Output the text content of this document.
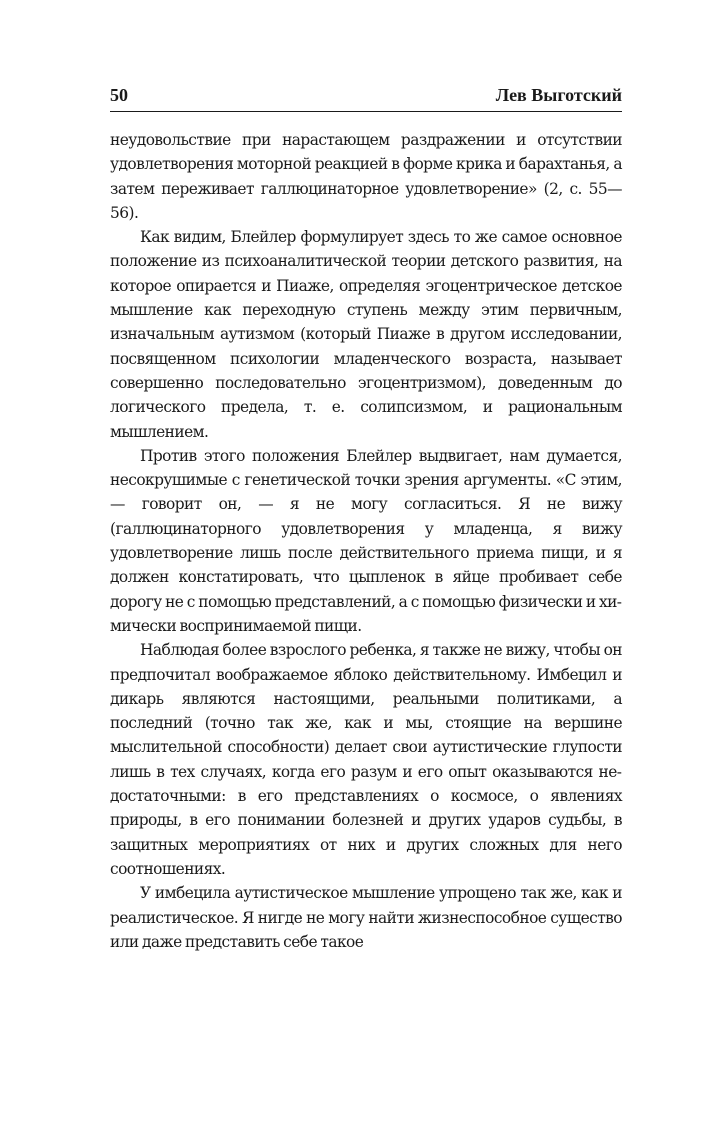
50	Лев Выготский

неудовольствие при нарастающем раздражении и отсутствии удовлетворения моторной реакцией в форме крика и барахтанья, а затем переживает галлюцинаторное удовлетворение» (2, с. 55—56).

Как видим, Блейлер формулирует здесь то же самое основное положение из психоаналитической теории детского развития, на которое опирается и Пиаже, определяя эгоцентрическое детское мышление как переходную ступень между этим первичным, изначальным аутизмом (который Пиаже в другом исследовании, посвященном психологии младенческого возраста, называет совершенно последовательно эгоцентризмом), доведенным до логического предела, т. е. солипсизмом, и рациональным мышлением.

Против этого положения Блейлер выдвигает, нам думается, несокрушимые с генетической точки зрения аргументы. «С этим, — говорит он, — я не могу согласиться. Я не вижу (галлюцинаторного удовлетворения у младенца, я вижу удовлетворение лишь после действительного приема пищи, и я должен констатировать, что цыпленок в яйце пробивает себе дорогу не с помощью представлений, а с помощью физически и химически воспринимаемой пищи.

Наблюдая более взрослого ребенка, я также не вижу, чтобы он предпочитал воображаемое яблоко действительному. Имбецил и дикарь являются настоящими, реальными политиками, а последний (точно так же, как и мы, стоящие на вершине мыслительной способности) делает свои аутистические глупости лишь в тех случаях, когда его разум и его опыт оказываются недостаточными: в его представлениях о космосе, о явлениях природы, в его понимании болезней и других ударов судьбы, в защитных мероприятиях от них и других сложных для него соотношениях.

У имбецила аутистическое мышление упрощено так же, как и реалистическое. Я нигде не могу найти жизнеспособное существо или даже представить себе такое
